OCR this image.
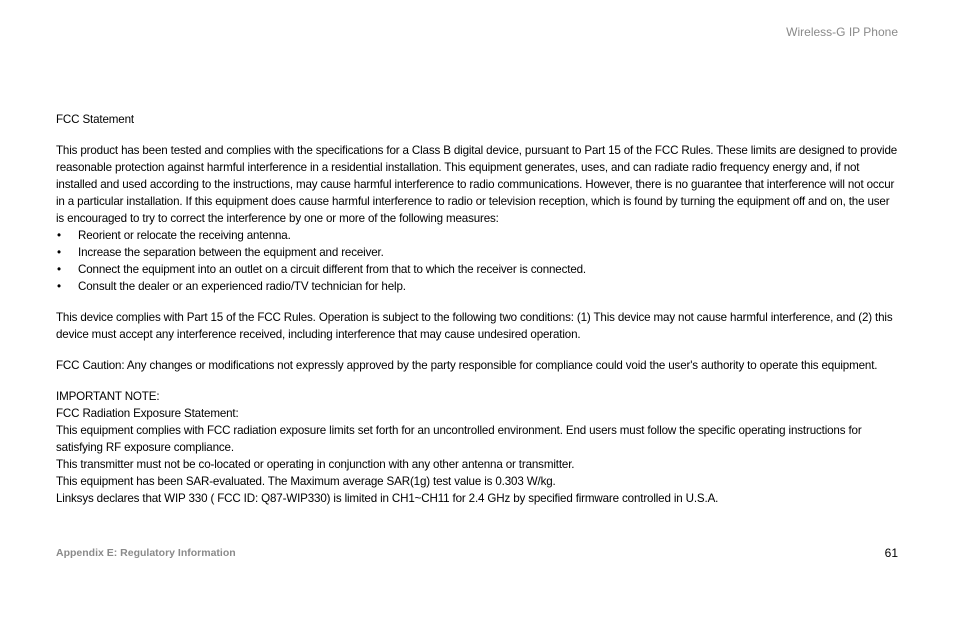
Wireless-G IP Phone

FCC Statement

This product has been tested and complies with the specifications for a Class B digital device, pursuant to Part 15 of the FCC Rules. These limits are designed to provide reasonable protection against harmful interference in a residential installation. This equipment generates, uses, and can radiate radio frequency energy and, if not installed and used according to the instructions, may cause harmful interference to radio communications. However, there is no guarantee that interference will not occur in a particular installation. If this equipment does cause harmful interference to radio or television reception, which is found by turning the equipment off and on, the user is encouraged to try to correct the interference by one or more of the following measures:

• Reorient or relocate the receiving antenna.
• Increase the separation between the equipment and receiver.
• Connect the equipment into an outlet on a circuit different from that to which the receiver is connected.
• Consult the dealer or an experienced radio/TV technician for help.

This device complies with Part 15 of the FCC Rules. Operation is subject to the following two conditions: (1) This device may not cause harmful interference, and (2) this device must accept any interference received, including interference that may cause undesired operation.

FCC Caution: Any changes or modifications not expressly approved by the party responsible for compliance could void the user's authority to operate this equipment.

IMPORTANT NOTE:

FCC Radiation Exposure Statement:

This equipment complies with FCC radiation exposure limits set forth for an uncontrolled environment. End users must follow the specific operating instructions for satisfying RF exposure compliance.

This transmitter must not be co-located or operating in conjunction with any other antenna or transmitter.

This equipment has been SAR-evaluated. The Maximum average SAR(1g) test value is 0.303 W/kg.

Linksys declares that WIP 330 ( FCC ID: Q87-WIP330) is limited in CH1~CH11 for 2.4 GHz by specified firmware controlled in U.S.A.

Appendix E: Regulatory Information	61
